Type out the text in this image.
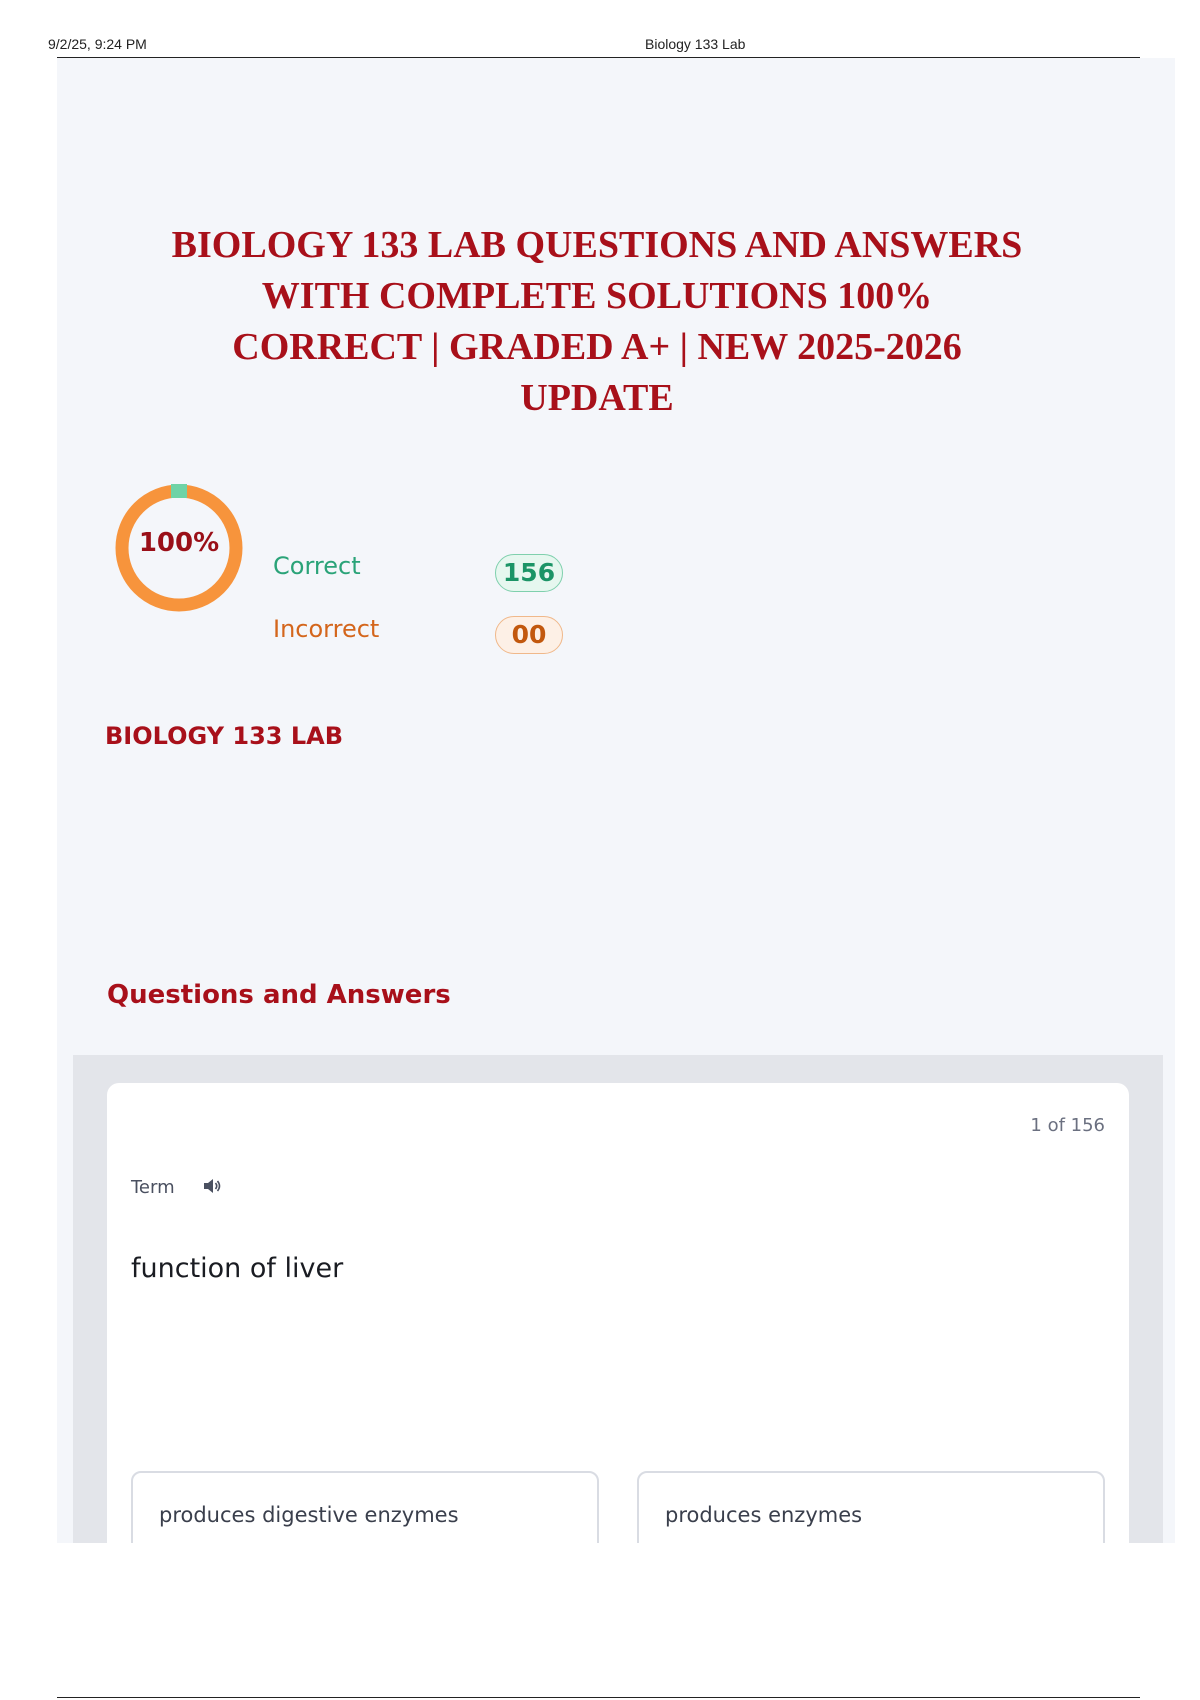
9/2/25, 9:24 PM	Biology 133 Lab
BIOLOGY 133 LAB QUESTIONS AND ANSWERS
WITH COMPLETE SOLUTIONS 100%
CORRECT | GRADED A+ | NEW 2025-2026
UPDATE
100%
Correct	156
Incorrect	00
BIOLOGY 133 LAB
Questions and Answers
1 of 156
Term
function of liver
produces digestive enzymes	produces enzymes
